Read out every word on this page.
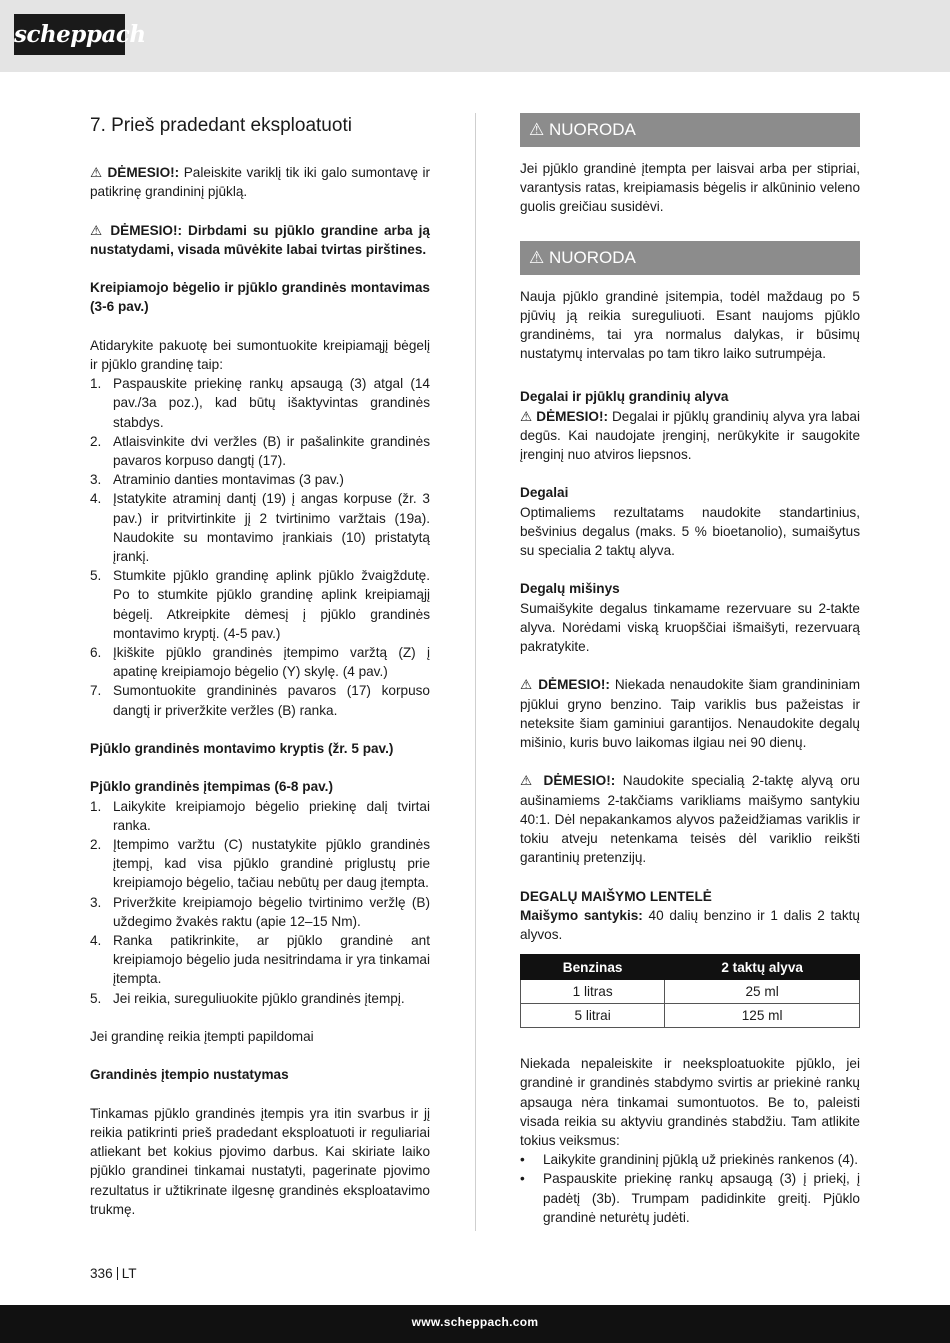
scheppach
7. Prieš pradedant eksploatuoti

⚠ DĖMESIO!: Paleiskite variklį tik iki galo sumontavę ir patikrinę grandininį pjūklą.

⚠ DĖMESIO!: Dirbdami su pjūklo grandine arba ją nustatydami, visada mūvėkite labai tvirtas pirštines.

Kreipiamojo bėgelio ir pjūklo grandinės montavimas (3-6 pav.)

Atidarykite pakuotę bei sumontuokite kreipiamąjį bėgelį ir pjūklo grandinę taip:

1. Paspauskite priekinę rankų apsaugą (3) atgal (14 pav./3a poz.), kad būtų išaktyvintas grandinės stabdys.
2. Atlaisvinkite dvi veržles (B) ir pašalinkite grandinės pavaros korpuso dangtį (17).
3. Atraminio danties montavimas (3 pav.)
4. Įstatykite atraminį dantį (19) į angas korpuse (žr. 3 pav.) ir pritvirtinkite jį 2 tvirtinimo varžtais (19a). Naudokite su montavimo įrankiais (10) pristatytą įrankį.
5. Stumkite pjūklo grandinę aplink pjūklo žvaigždutę. Po to stumkite pjūklo grandinę aplink kreipiamąjį bėgelį. Atkreipkite dėmesį į pjūklo grandinės montavimo kryptį. (4-5 pav.)
6. Įkiškite pjūklo grandinės įtempimo varžtą (Z) į apatinę kreipiamojo bėgelio (Y) skylę. (4 pav.)
7. Sumontuokite grandininės pavaros (17) korpuso dangtį ir priveržkite veržles (B) ranka.

Pjūklo grandinės montavimo kryptis (žr. 5 pav.)

Pjūklo grandinės įtempimas (6-8 pav.)

1. Laikykite kreipiamojo bėgelio priekinę dalį tvirtai ranka.
2. Įtempimo varžtu (C) nustatykite pjūklo grandinės įtempį, kad visa pjūklo grandinė priglustų prie kreipiamojo bėgelio, tačiau nebūtų per daug įtempta.
3. Priveržkite kreipiamojo bėgelio tvirtinimo veržlę (B) uždegimo žvakės raktu (apie 12–15 Nm).
4. Ranka patikrinkite, ar pjūklo grandinė ant kreipiamojo bėgelio juda nesitrindama ir yra tinkamai įtempta.
5. Jei reikia, sureguliuokite pjūklo grandinės įtempį.

Jei grandinę reikia įtempti papildomai

Grandinės įtempio nustatymas

Tinkamas pjūklo grandinės įtempis yra itin svarbus ir jį reikia patikrinti prieš pradedant eksploatuoti ir reguliariai atliekant bet kokius pjovimo darbus. Kai skiriate laiko pjūklo grandinei tinkamai nustatyti, pagerinate pjovimo rezultatus ir užtikrinate ilgesnę grandinės eksploatavimo trukmę.

⚠ NUORODA

Jei pjūklo grandinė įtempta per laisvai arba per stipriai, varantysis ratas, kreipiamasis bėgelis ir alkūninio veleno guolis greičiau susidėvi.

⚠ NUORODA

Nauja pjūklo grandinė įsitempia, todėl maždaug po 5 pjūvių ją reikia sureguliuoti. Esant naujoms pjūklo grandinėms, tai yra normalus dalykas, ir būsimų nustatymų intervalas po tam tikro laiko sutrumpėja.

Degalai ir pjūklų grandinių alyva

⚠ DĖMESIO!: Degalai ir pjūklų grandinių alyva yra labai degūs. Kai naudojate įrenginį, nerūkykite ir saugokite įrenginį nuo atviros liepsnos.

Degalai

Optimaliems rezultatams naudokite standartinius, bešvinius degalus (maks. 5 % bioetanolio), sumaišytus su specialia 2 taktų alyva.

Degalų mišinys

Sumaišykite degalus tinkamame rezervuare su 2-takte alyva. Norėdami viską kruopščiai išmaišyti, rezervuarą pakratykite.

⚠ DĖMESIO!: Niekada nenaudokite šiam grandininiam pjūklui gryno benzino. Taip variklis bus pažeistas ir neteksite šiam gaminiui garantijos. Nenaudokite degalų mišinio, kuris buvo laikomas ilgiau nei 90 dienų.

⚠ DĖMESIO!: Naudokite specialią 2-taktę alyvą oru aušinamiems 2-takčiams varikliams maišymo santykiu 40:1. Dėl nepakankamos alyvos pažeidžiamas variklis ir tokiu atveju netenkama teisės dėl variklio reikšti garantinių pretenzijų.

DEGALŲ MAIŠYMO LENTELĖ

Maišymo santykis: 40 dalių benzino ir 1 dalis 2 taktų alyvos.

Benzinas	2 taktų alyva
1 litras	25 ml
5 litrai	125 ml

Niekada nepaleiskite ir neeksploatuokite pjūklo, jei grandinė ir grandinės stabdymo svirtis ar priekinė rankų apsauga nėra tinkamai sumontuotos. Be to, paleisti visada reikia su aktyviu grandinės stabdžiu. Tam atlikite tokius veiksmus:

• Laikykite grandininį pjūklą už priekinės rankenos (4).
• Paspauskite priekinę rankų apsaugą (3) į priekį, į padėtį (3b). Trumpam padidinkite greitį. Pjūklo grandinė neturėtų judėti.
336 LT
www.scheppach.com
